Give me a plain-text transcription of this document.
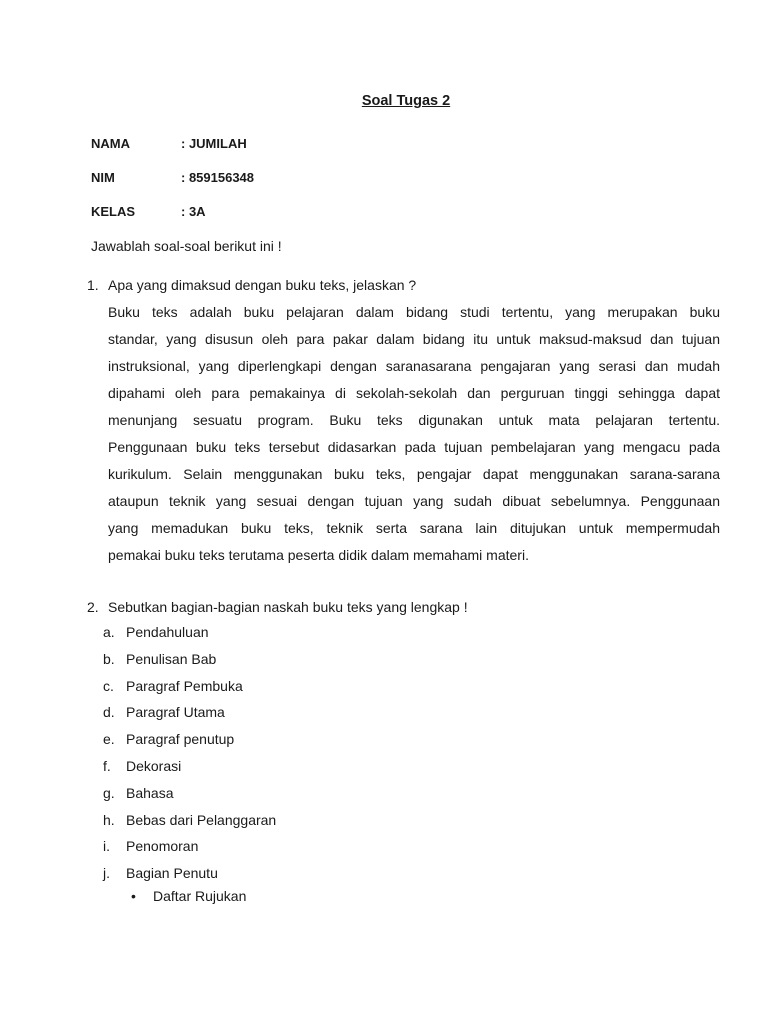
Soal Tugas 2
NAMA	: JUMILAH
NIM	: 859156348
KELAS	: 3A
Jawablah soal-soal berikut ini !
1. Apa yang dimaksud dengan buku teks, jelaskan ?
Buku teks adalah buku pelajaran dalam bidang studi tertentu, yang merupakan buku
standar, yang disusun oleh para pakar dalam bidang itu untuk maksud-maksud dan tujuan
instruksional, yang diperlengkapi dengan saranasarana pengajaran yang serasi dan mudah
dipahami oleh para pemakainya di sekolah-sekolah dan perguruan tinggi sehingga dapat
menunjang sesuatu program. Buku teks digunakan untuk mata pelajaran tertentu.
Penggunaan buku teks tersebut didasarkan pada tujuan pembelajaran yang mengacu pada
kurikulum. Selain menggunakan buku teks, pengajar dapat menggunakan sarana-sarana
ataupun teknik yang sesuai dengan tujuan yang sudah dibuat sebelumnya. Penggunaan
yang memadukan buku teks, teknik serta sarana lain ditujukan untuk mempermudah
pemakai buku teks terutama peserta didik dalam memahami materi.
2. Sebutkan bagian-bagian naskah buku teks yang lengkap !
a. Pendahuluan
b. Penulisan Bab
c. Paragraf Pembuka
d. Paragraf Utama
e. Paragraf penutup
f.	Dekorasi
g. Bahasa
h. Bebas dari Pelanggaran
i.	Penomoran
j.	Bagian Penutu
•	Daftar Rujukan
